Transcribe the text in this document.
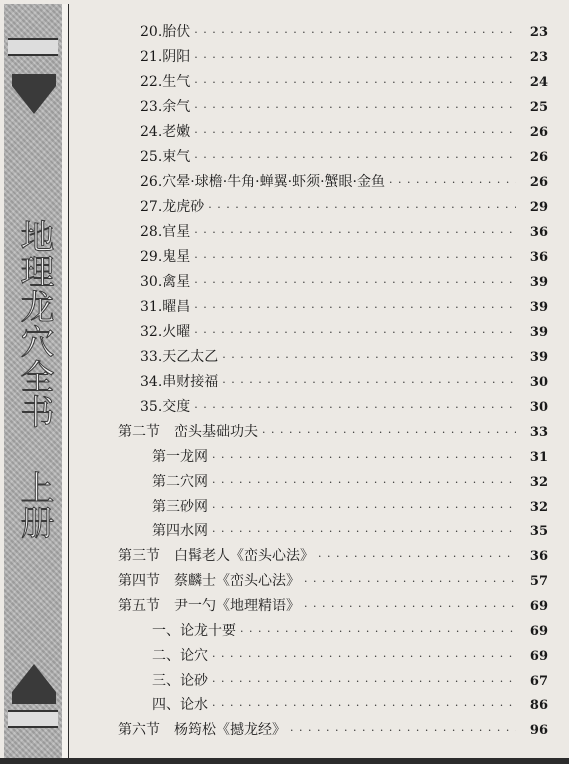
地理龙穴全书 上册
20.胎伏 · · ·	23
21.阴阳 · · ·	23
22.生气 · · ·	24
23.余气 · · ·	25
24.老嫩 · · ·	26
25.束气 · · ·	26
26.穴晕·球檐·牛角·蝉翼·虾须·蟹眼·金鱼 · · ·	26
27.龙虎砂 · · ·	29
28.官星 · · ·	36
29.鬼星 · · ·	36
30.禽星 · · ·	39
31.曜昌 · · ·	39
32.火曜 · · ·	39
33.天乙太乙 · · ·	39
34.串财接福 · · ·	30
35.交度 · · ·	30
第二节　峦头基础功夫 · · ·	33
第一龙网 · · ·	31
第二穴网 · · ·	32
第三砂网 · · ·	32
第四水网 · · ·	35
第三节　白髯老人《峦头心法》 · · ·	36
第四节　蔡麟士《峦头心法》 · · ·	57
第五节　尹一勺《地理精语》 · · ·	69
一、论龙十要 · · ·	69
二、论穴 · · ·	69
三、论砂 · · ·	67
四、论水 · · ·	86
第六节　杨筠松《撼龙经》 · · ·	96
